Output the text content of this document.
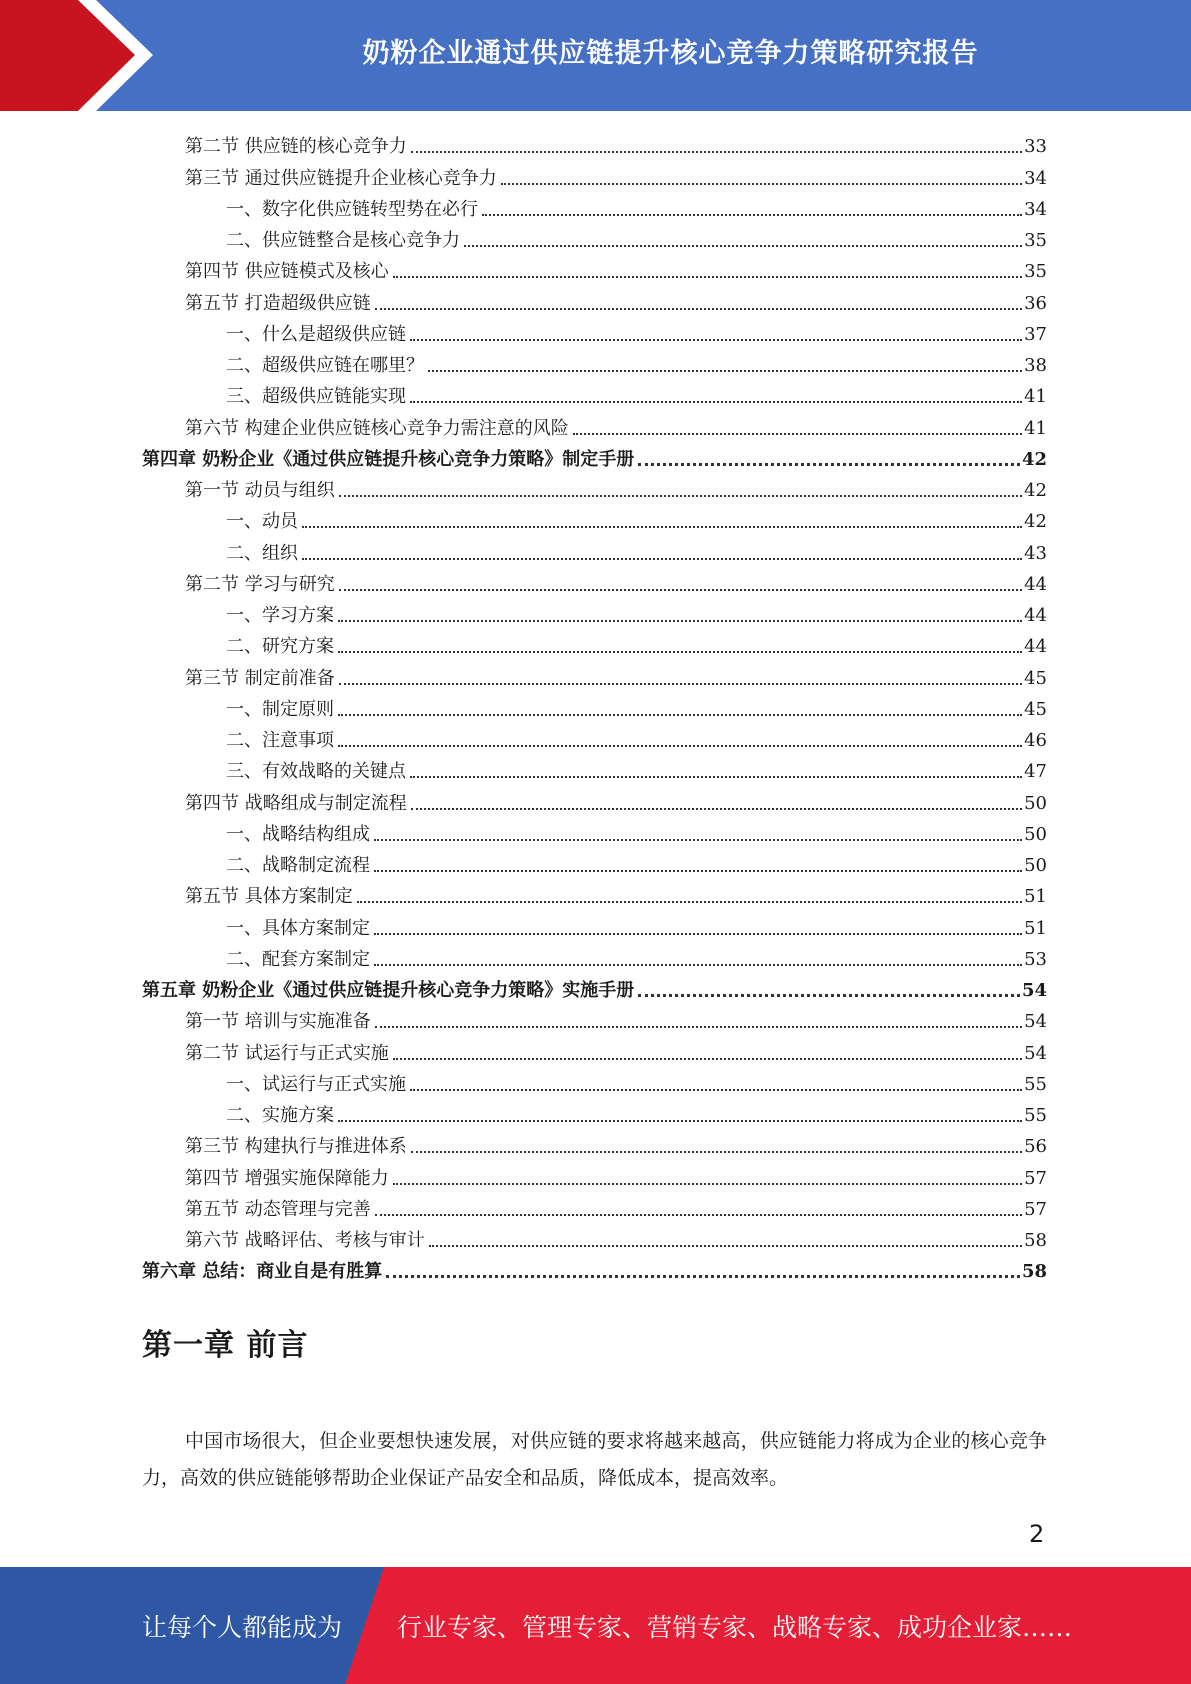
奶粉企业通过供应链提升核心竞争力策略研究报告
第二节 供应链的核心竞争力	33
第三节 通过供应链提升企业核心竞争力	34
一、数字化供应链转型势在必行	34
二、供应链整合是核心竞争力	35
第四节 供应链模式及核心	35
第五节 打造超级供应链	36
一、什么是超级供应链	37
二、超级供应链在哪里？	38
三、超级供应链能实现	41
第六节 构建企业供应链核心竞争力需注意的风险	41
第四章 奶粉企业《通过供应链提升核心竞争力策略》制定手册	42
第一节 动员与组织	42
一、动员	42
二、组织	43
第二节 学习与研究	44
一、学习方案	44
二、研究方案	44
第三节 制定前准备	45
一、制定原则	45
二、注意事项	46
三、有效战略的关键点	47
第四节 战略组成与制定流程	50
一、战略结构组成	50
二、战略制定流程	50
第五节 具体方案制定	51
一、具体方案制定	51
二、配套方案制定	53
第五章 奶粉企业《通过供应链提升核心竞争力策略》实施手册	54
第一节 培训与实施准备	54
第二节 试运行与正式实施	54
一、试运行与正式实施	55
二、实施方案	55
第三节 构建执行与推进体系	56
第四节 增强实施保障能力	57
第五节 动态管理与完善	57
第六节 战略评估、考核与审计	58
第六章 总结：商业自是有胜算	58
第一章 前言
中国市场很大，但企业要想快速发展，对供应链的要求将越来越高，供应链能力将成为企业的核心竞争力，高效的供应链能够帮助企业保证产品安全和品质，降低成本，提高效率。
2
让每个人都能成为 行业专家、管理专家、营销专家、战略专家、成功企业家……
